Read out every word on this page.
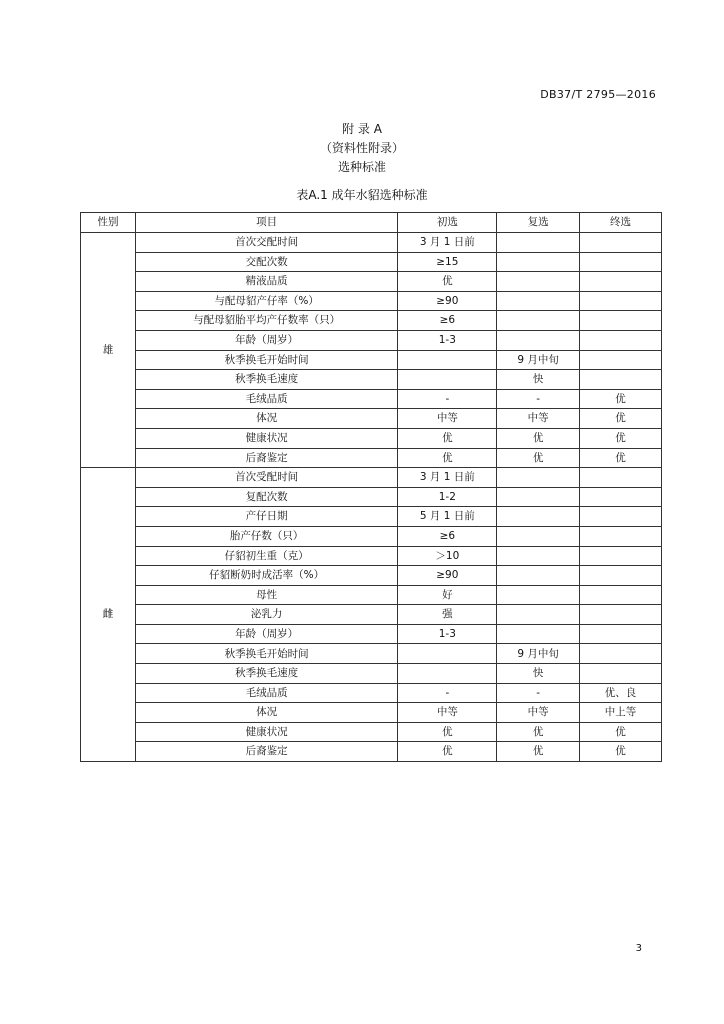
DB37/T 2795—2016
附 录 A
（资料性附录）
选种标准
表A.1 成年水貂选种标准
性别	项目	初选	复选	终选
雄	首次交配时间	3 月 1 日前		
	交配次数	≥15		
	精液品质	优		
	与配母貂产仔率（%）	≥90		
	与配母貂胎平均产仔数率（只）	≥6		
	年龄（周岁）	1-3		
	秋季换毛开始时间		9 月中旬	
	秋季换毛速度		快	
	毛绒品质	-	-	优
	体况	中等	中等	优
	健康状况	优	优	优
	后裔鉴定	优	优	优
雌	首次受配时间	3 月 1 日前		
	复配次数	1-2		
	产仔日期	5 月 1 日前		
	胎产仔数（只）	≥6		
	仔貂初生重（克）	＞10		
	仔貂断奶时成活率（%）	≥90		
	母性	好		
	泌乳力	强		
	年龄（周岁）	1-3		
	秋季换毛开始时间		9 月中旬	
	秋季换毛速度		快	
	毛绒品质	-	-	优、良
	体况	中等	中等	中上等
	健康状况	优	优	优
	后裔鉴定	优	优	优
3
